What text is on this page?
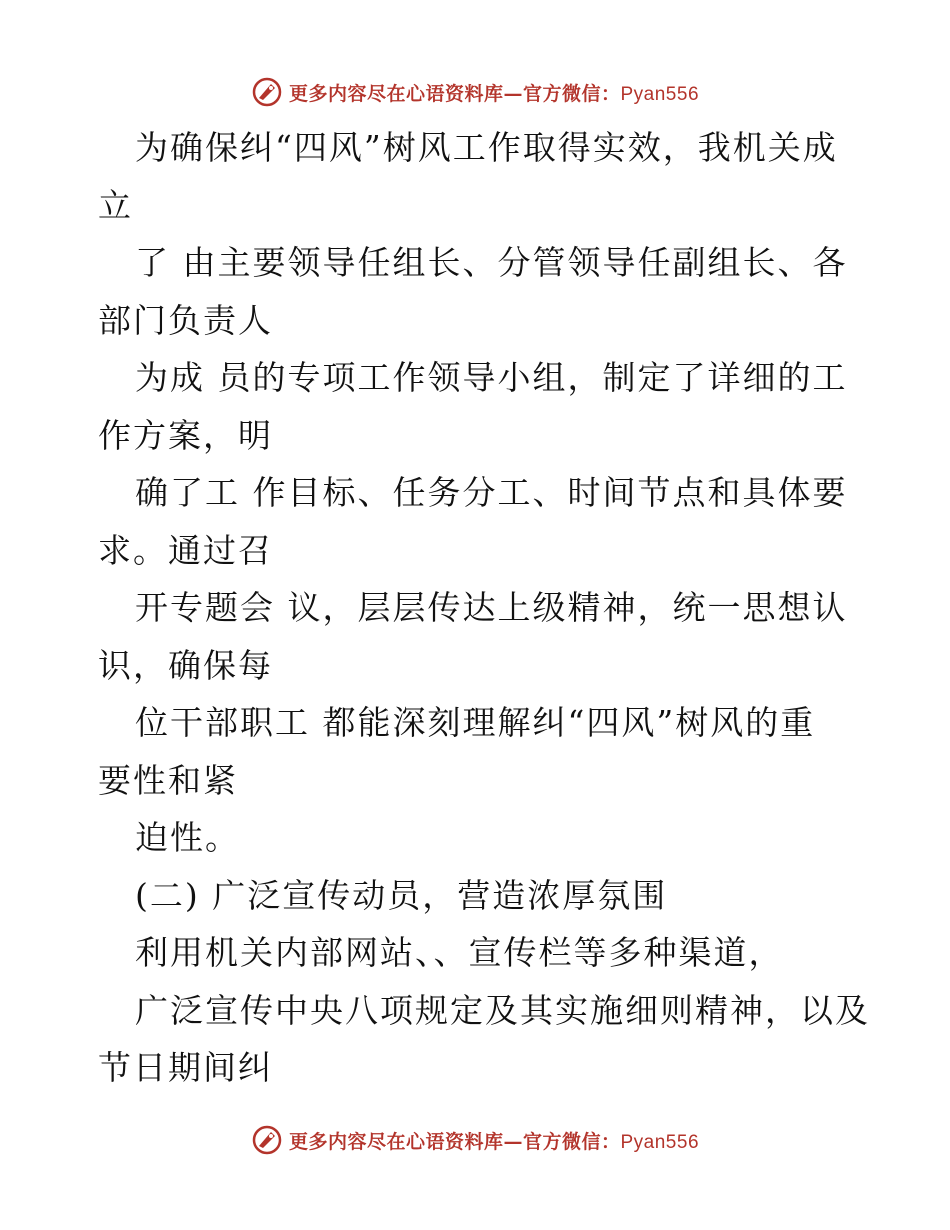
更多内容尽在心语资料库—官方微信：Pyan556
为确保纠“四风”树风工作取得实效，我机关成
立
了 由主要领导任组长、分管领导任副组长、各
部门负责人
为成 员的专项工作领导小组，制定了详细的工
作方案，明
确了工 作目标、任务分工、时间节点和具体要
求。通过召
开专题会 议，层层传达上级精神，统一思想认
识，确保每
位干部职工 都能深刻理解纠“四风”树风的重
要性和紧
迫性。
(二) 广泛宣传动员，营造浓厚氛围
利用机关内部网站、、宣传栏等多种渠道，
广泛宣传中央八项规定及其实施细则精神，以及
节日期间纠
更多内容尽在心语资料库—官方微信：Pyan556
